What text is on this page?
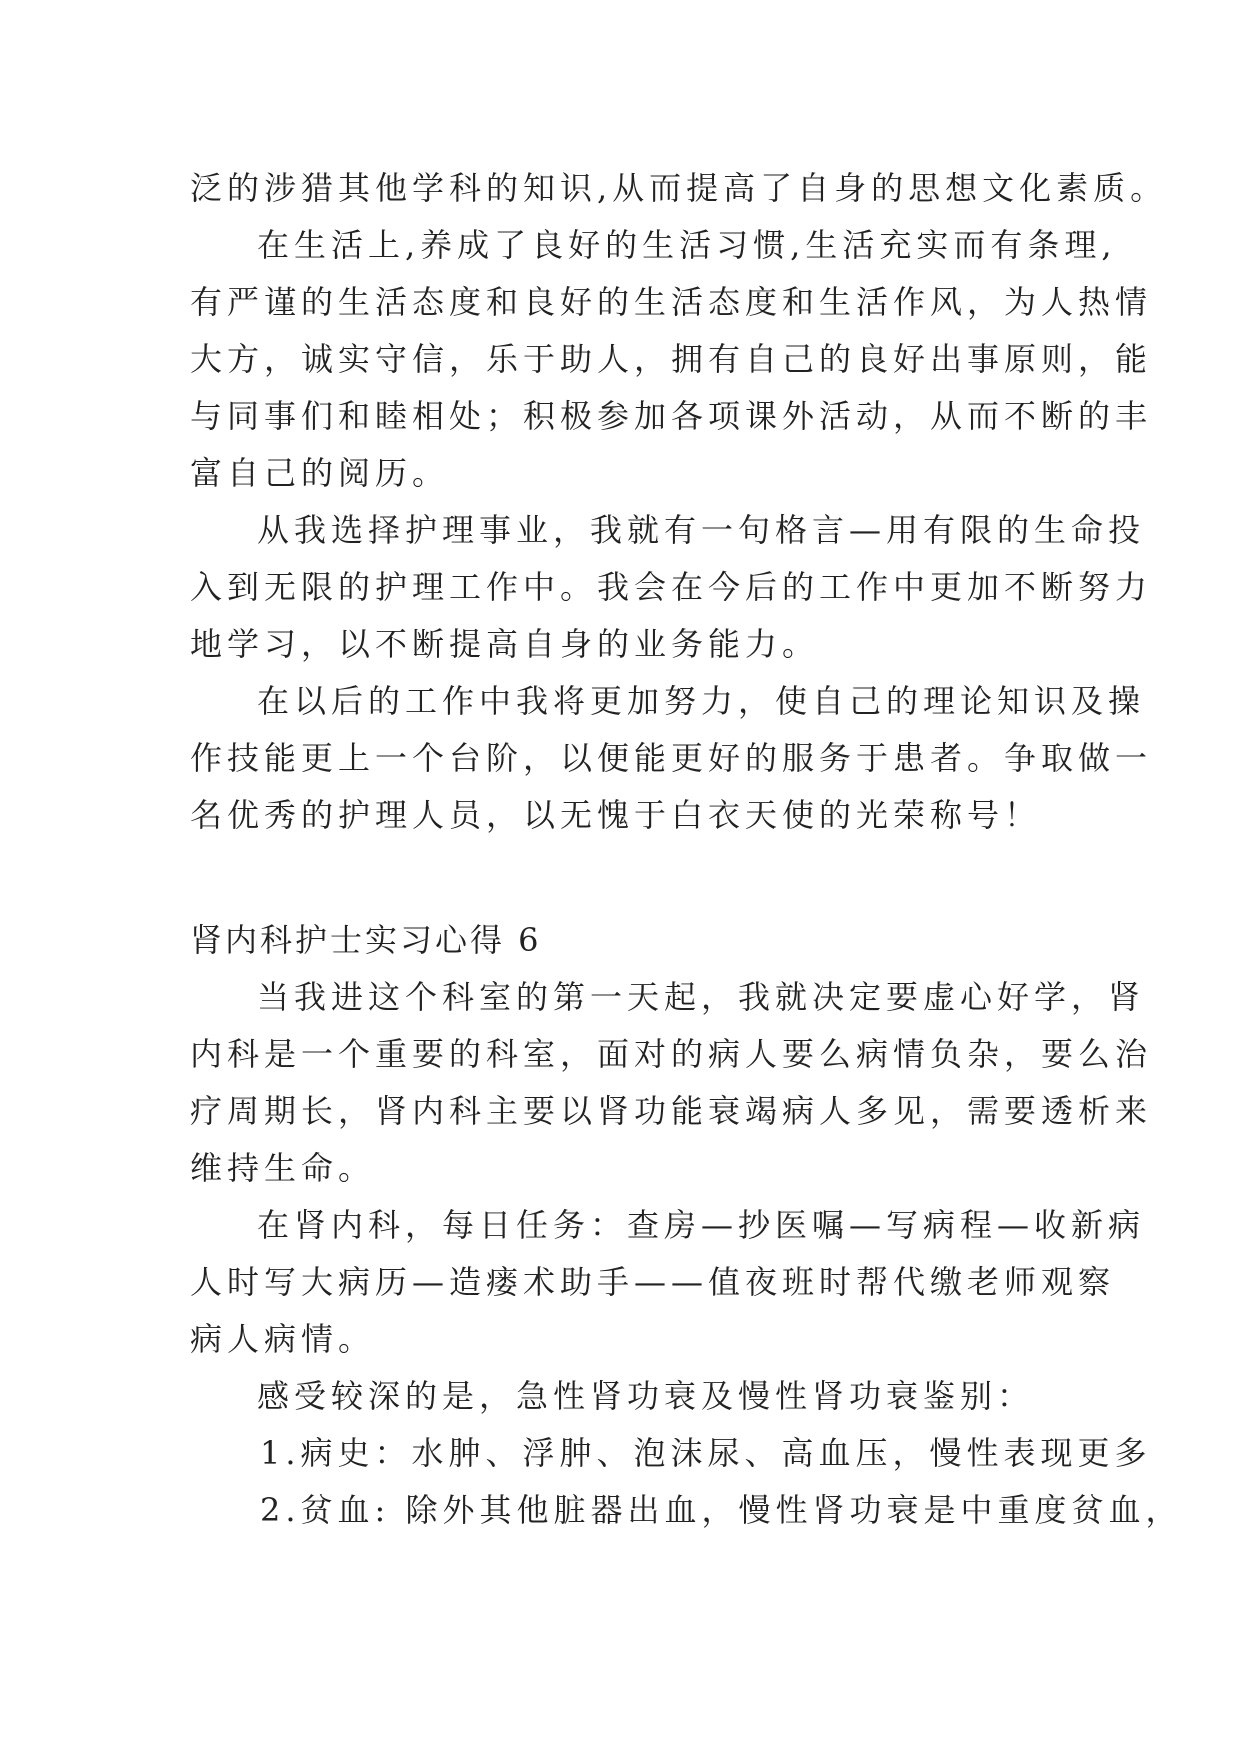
泛的涉猎其他学科的知识,从而提高了自身的思想文化素质。
在生活上,养成了良好的生活习惯,生活充实而有条理,
有严谨的生活态度和良好的生活态度和生活作风，为人热情
大方，诚实守信，乐于助人，拥有自己的良好出事原则，能
与同事们和睦相处；积极参加各项课外活动，从而不断的丰
富自己的阅历。
从我选择护理事业，我就有一句格言—用有限的生命投
入到无限的护理工作中。我会在今后的工作中更加不断努力
地学习，以不断提高自身的业务能力。
在以后的工作中我将更加努力，使自己的理论知识及操
作技能更上一个台阶，以便能更好的服务于患者。争取做一
名优秀的护理人员，以无愧于白衣天使的光荣称号！
肾内科护士实习心得 6
当我进这个科室的第一天起，我就决定要虚心好学，肾
内科是一个重要的科室，面对的病人要么病情负杂，要么治
疗周期长，肾内科主要以肾功能衰竭病人多见，需要透析来
维持生命。
在肾内科，每日任务：查房—抄医嘱—写病程—收新病
人时写大病历—造瘘术助手——值夜班时帮代缴老师观察
病人病情。
感受较深的是，急性肾功衰及慢性肾功衰鉴别：
1.病史：水肿、浮肿、泡沫尿、高血压，慢性表现更多
2.贫血: 除外其他脏器出血，慢性肾功衰是中重度贫血，
